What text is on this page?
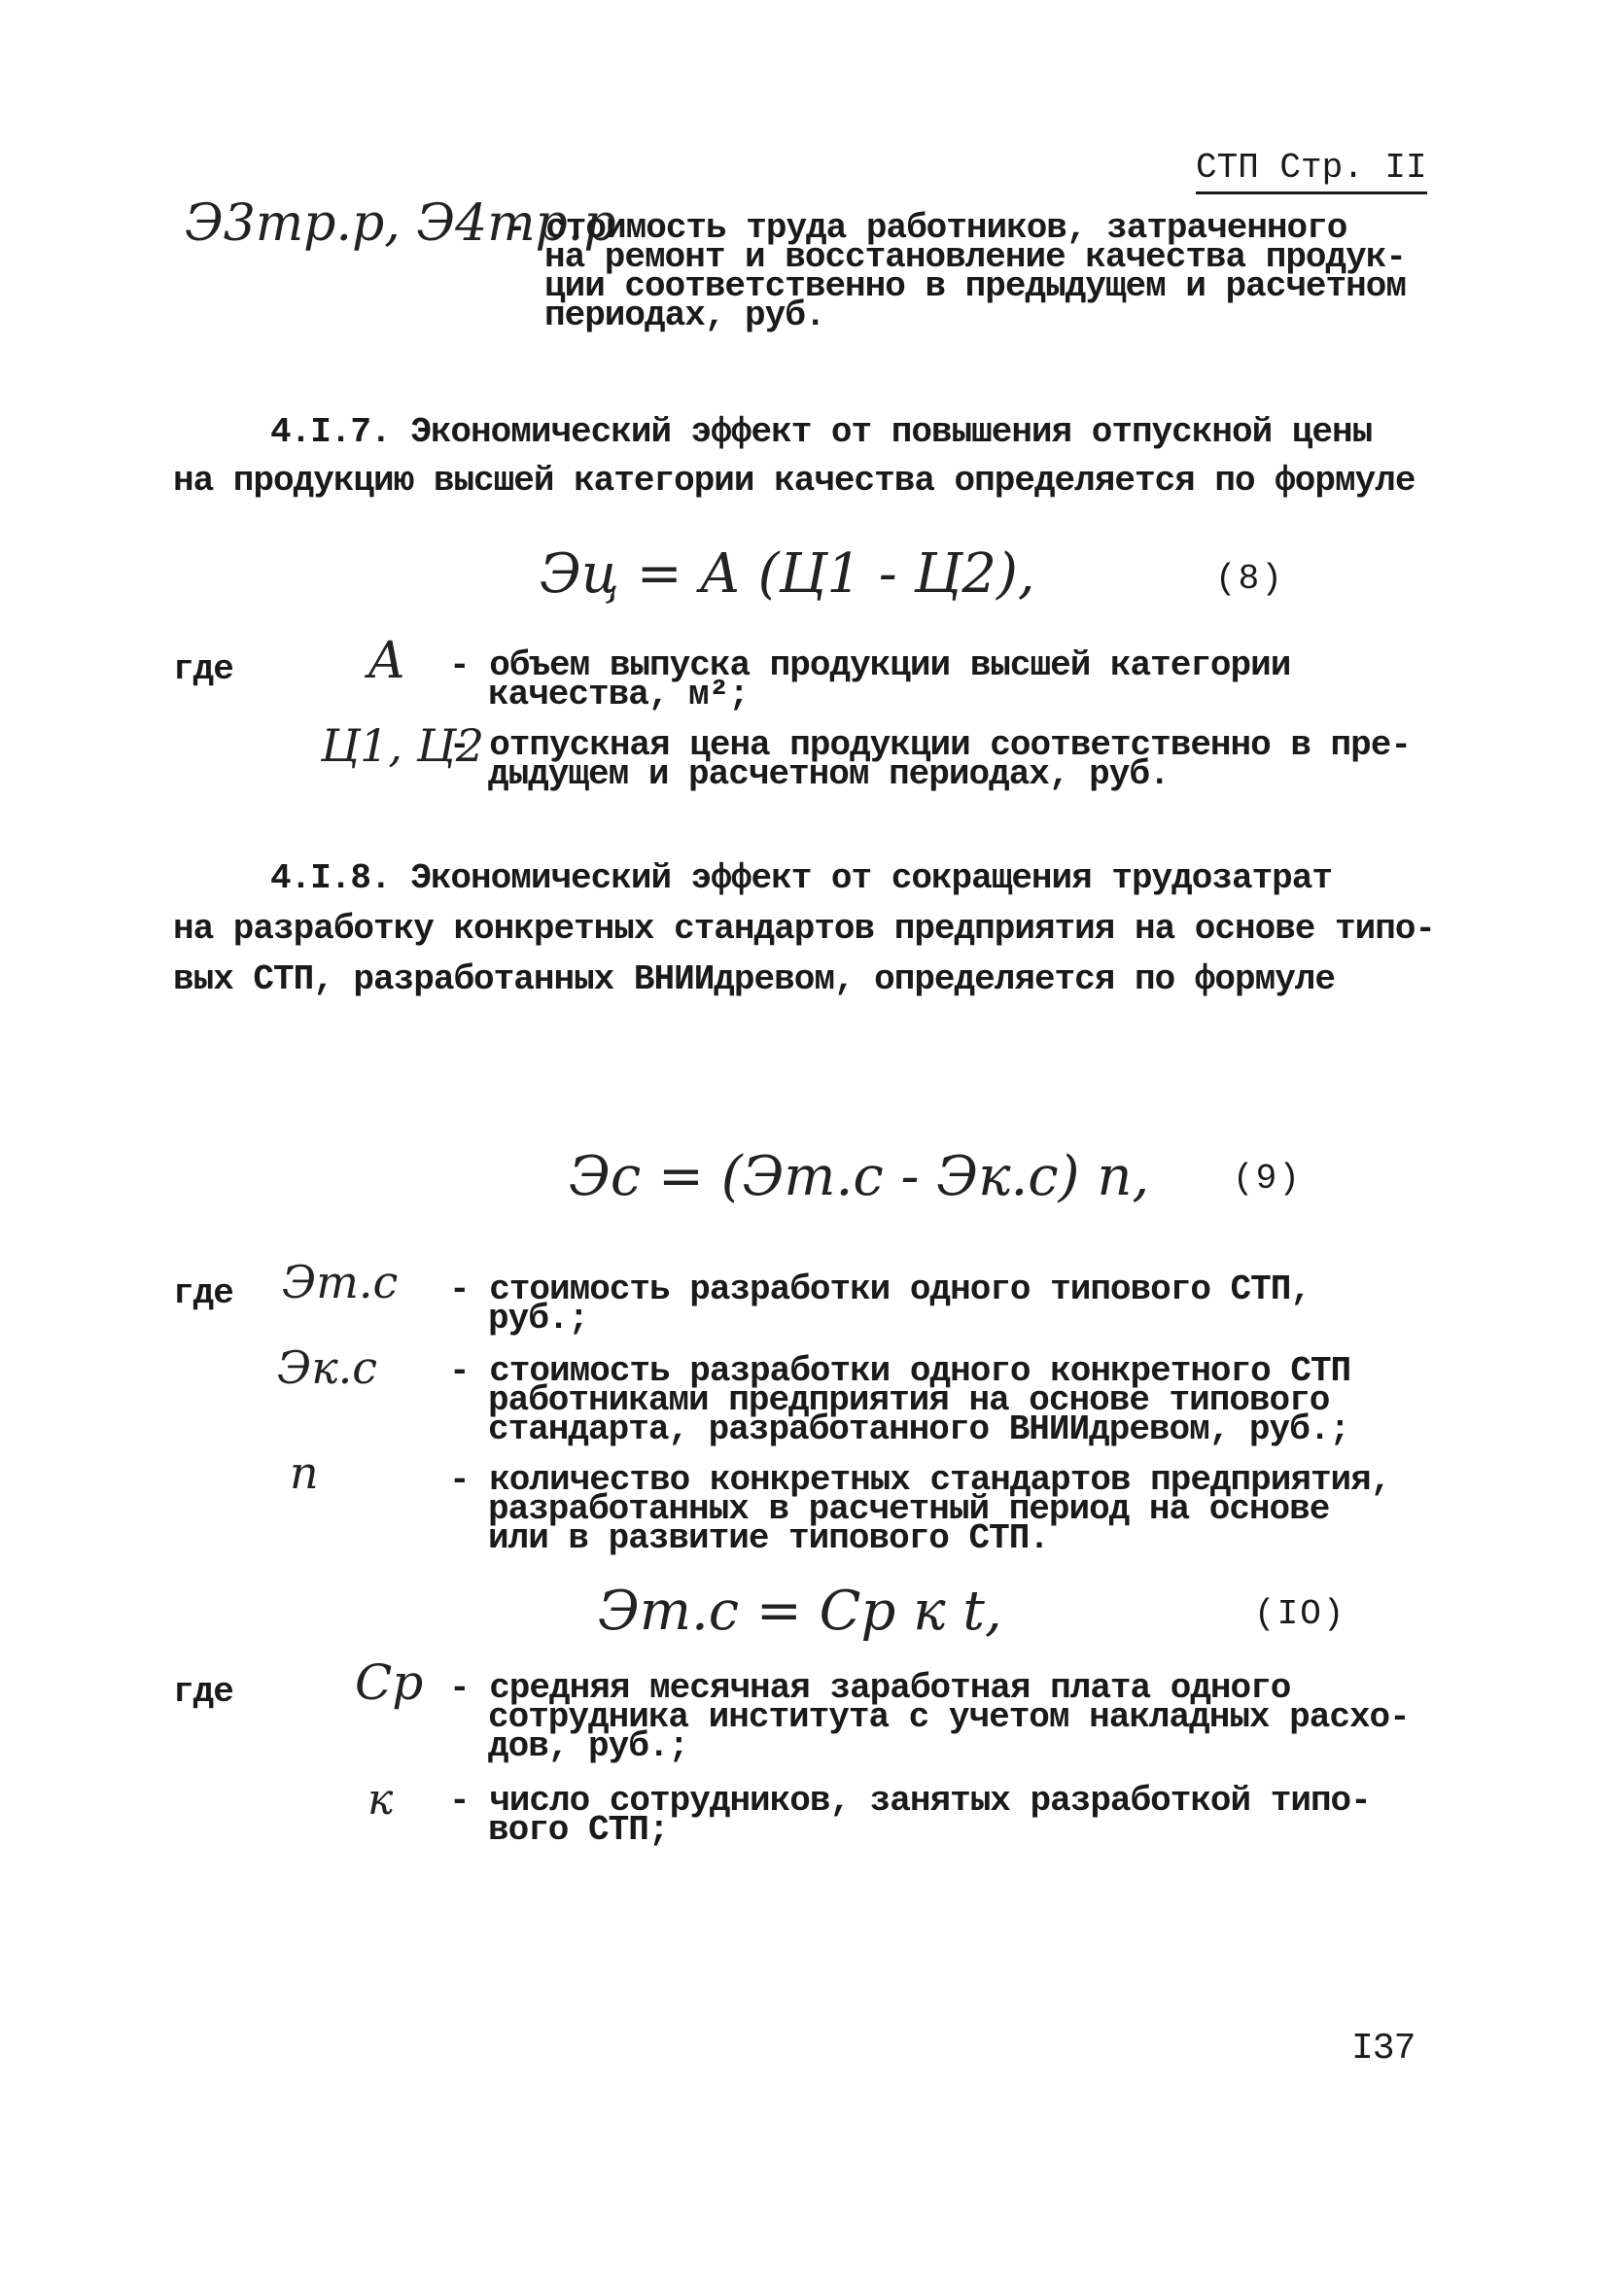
СТП Стр. II
Э3тр.р, Э4тр.р
- стоимость труда работников, затраченного
на ремонт и восстановление качества продук-
ции соответственно в предыдущем и расчетном
периодах, руб.
4.I.7. Экономический эффект от повышения отпускной цены
на продукцию высшей категории качества определяется по формуле
Эц = А (Ц1 - Ц2),	(8)
где	А - объем выпуска продукции высшей категории
качества, м²;
Ц1, Ц2
- отпускная цена продукции соответственно в пре-
дыдущем и расчетном периодах, руб.
4.I.8. Экономический эффект от сокращения трудозатрат
на разработку конкретных стандартов предприятия на основе типо-
вых СТП, разработанных ВНИИдревом, определяется по формуле
Эс = (Эт.с - Эк.с) п, (9)
где Эт.с - стоимость разработки одного типового СТП,
руб.;
Эк.с - стоимость разработки одного конкретного СТП
работниками предприятия на основе типового
стандарта, разработанного ВНИИдревом, руб.;
п	- количество конкретных стандартов предприятия,
разработанных в расчетный период на основе
или в развитие типового СТП.
Эт.с = Ср к t,	(IO)
где	Ср - средняя месячная заработная плата одного
сотрудника института с учетом накладных расхо-
дов, руб.;
к - число сотрудников, занятых разработкой типо-
вого СТП;
I37
